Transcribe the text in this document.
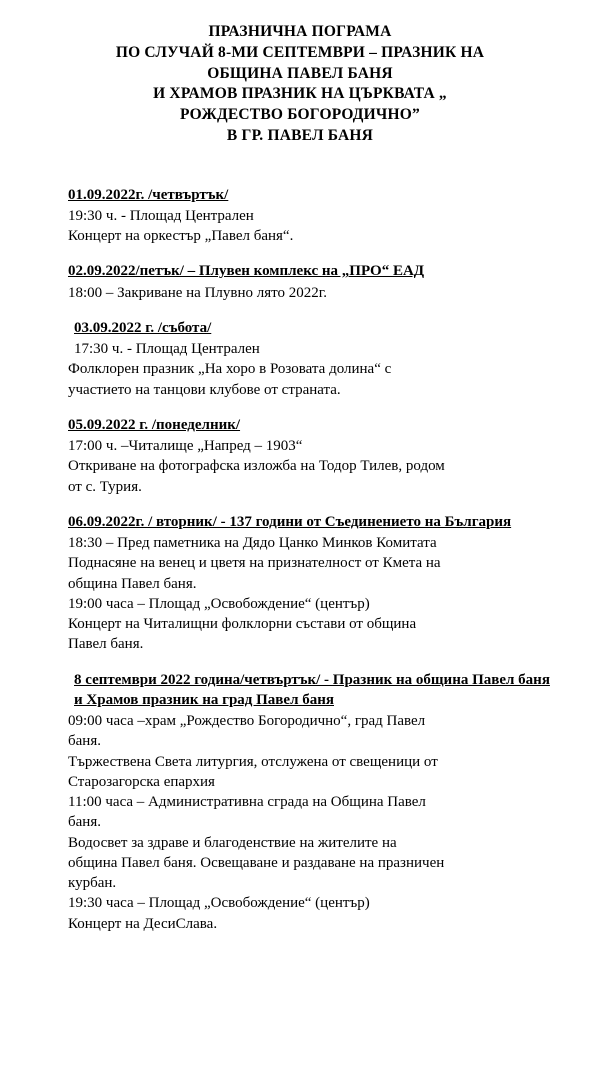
ПРАЗНИЧНА ПОГРАМА
ПО СЛУЧАЙ 8-МИ СЕПТЕМВРИ – ПРАЗНИК НА
ОБЩИНА ПАВЕЛ БАНЯ
И ХРАМОВ ПРАЗНИК НА ЦЪРКВАТА „
РОЖДЕСТВО БОГОРОДИЧНО”
В ГР. ПАВЕЛ БАНЯ
01.09.2022г. /четвъртък/
19:30 ч. - Площад Централен
Концерт на оркестър „Павел баня“.
02.09.2022/петък/ – Плувен комплекс на „ПРО“ ЕАД
18:00 – Закриване на Плувно лято 2022г.
03.09.2022 г. /събота/
17:30 ч. - Площад Централен
Фолклорен празник „На хоро в Розовата долина“ с
участието на танцови клубове от страната.
05.09.2022 г. /понеделник/
17:00 ч. –Читалище „Напред – 1903“
Откриване на фотографска изложба на Тодор Тилев, родом
от с. Турия.
06.09.2022г. / вторник/ - 137 години от Съединението на България
18:30 – Пред паметника на Дядо Цанко Минков Комитата
Поднасяне на венец и цветя на признателност от Кмета на
община Павел баня.
19:00 часа – Площад „Освобождение“ (център)
Концерт на Читалищни фолклорни състави от община
Павел баня.
8 септември 2022 година/четвъртък/ - Празник на община Павел баня и Храмов празник на град Павел баня
09:00 часа –храм „Рождество Богородично“, град Павел
баня.
Тържествена Света литургия, отслужена от свещеници от
Старозагорска епархия
11:00 часа – Административна сграда на Община Павел
баня.
Водосвет за здраве и благоденствие на жителите на
община Павел баня. Освещаване и раздаване на празничен
курбан.
19:30 часа – Площад „Освобождение“ (център)
Концерт на ДесиСлава.
